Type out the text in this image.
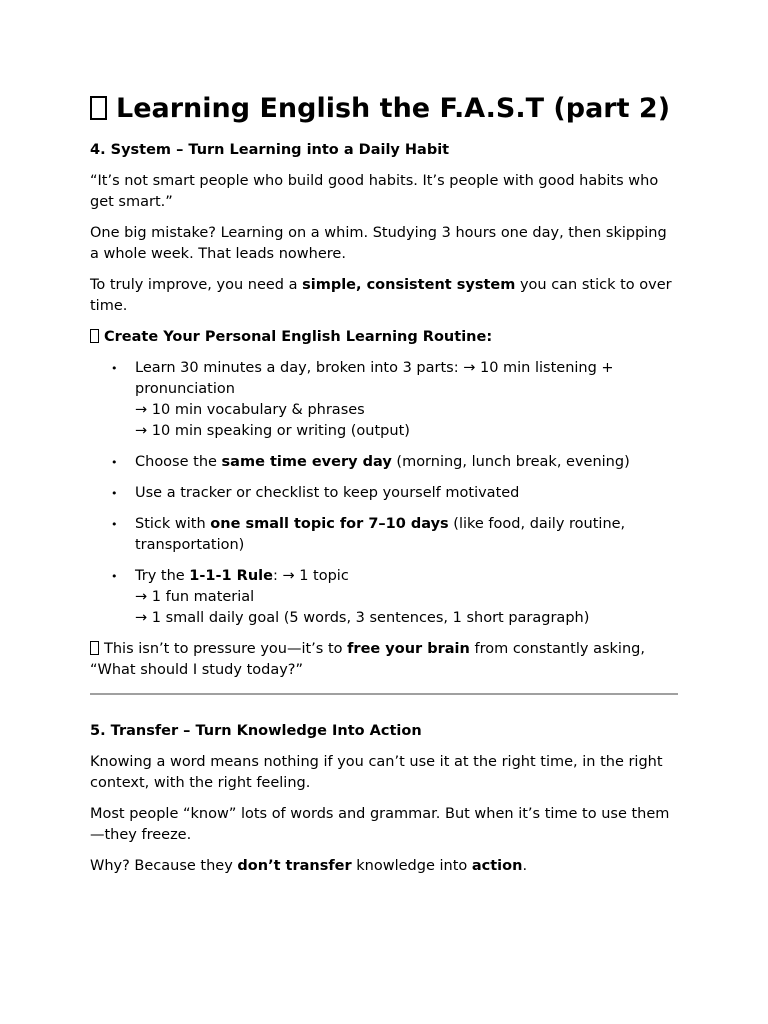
Learning English the F.A.S.T (part 2)
4. System – Turn Learning into a Daily Habit

“It’s not smart people who build good habits. It’s people with good habits who get smart.”

One big mistake? Learning on a whim. Studying 3 hours one day, then skipping a whole week. That leads nowhere.

To truly improve, you need a simple, consistent system you can stick to over time.

Create Your Personal English Learning Routine:
• Learn 30 minutes a day, broken into 3 parts: → 10 min listening + pronunciation
→ 10 min vocabulary & phrases
→ 10 min speaking or writing (output)
• Choose the same time every day (morning, lunch break, evening)
• Use a tracker or checklist to keep yourself motivated
• Stick with one small topic for 7–10 days (like food, daily routine, transportation)
• Try the 1-1-1 Rule: → 1 topic
→ 1 fun material
→ 1 small daily goal (5 words, 3 sentences, 1 short paragraph)

This isn’t to pressure you—it’s to free your brain from constantly asking, “What should I study today?”

5. Transfer – Turn Knowledge Into Action

Knowing a word means nothing if you can’t use it at the right time, in the right context, with the right feeling.

Most people “know” lots of words and grammar. But when it’s time to use them—they freeze.

Why? Because they don’t transfer knowledge into action.
